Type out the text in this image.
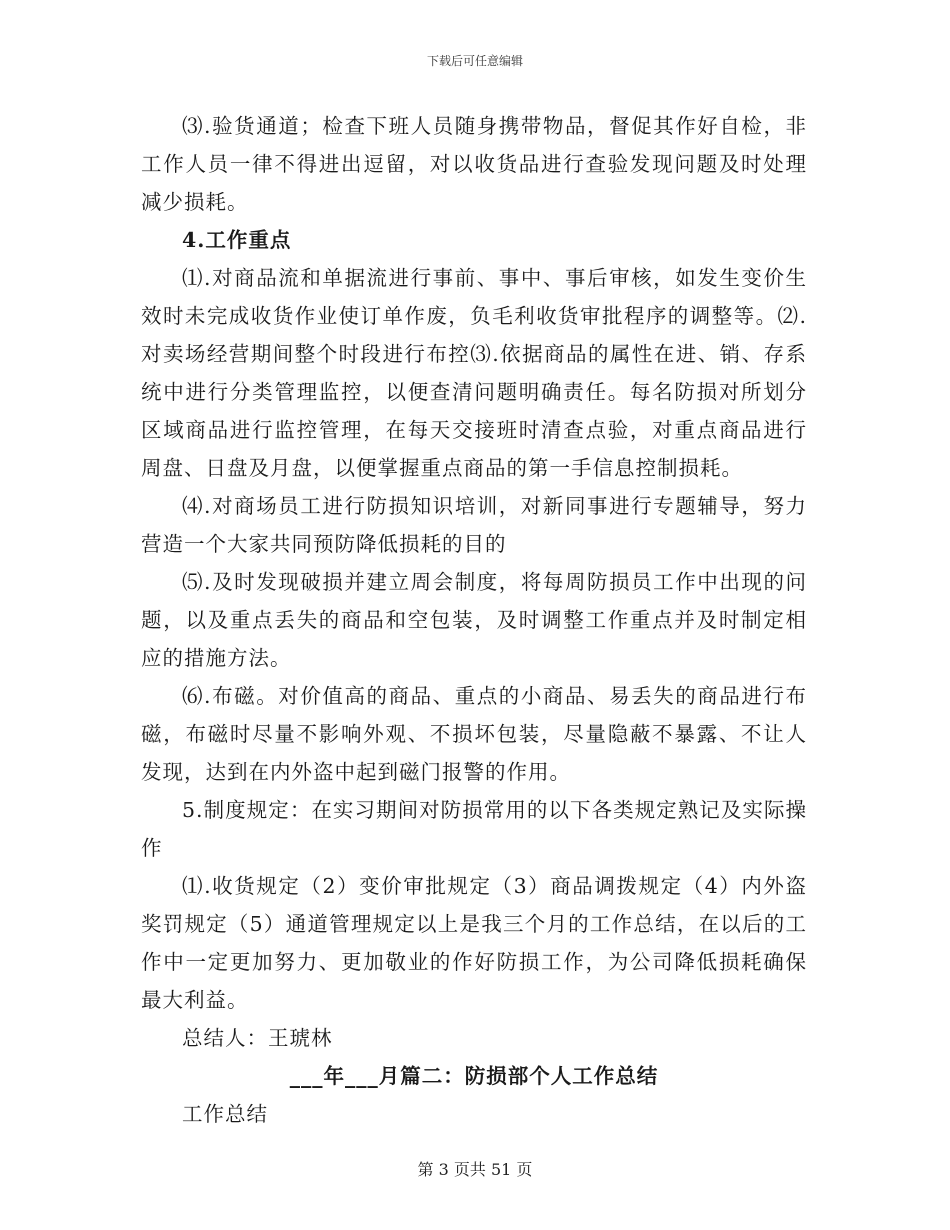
下载后可任意编辑

⑶.验货通道；检查下班人员随身携带物品，督促其作好自检，非工作人员一律不得进出逗留，对以收货品进行查验发现问题及时处理减少损耗。

4.工作重点

⑴.对商品流和单据流进行事前、事中、事后审核，如发生变价生效时未完成收货作业使订单作废，负毛利收货审批程序的调整等。⑵.对卖场经营期间整个时段进行布控⑶.依据商品的属性在进、销、存系统中进行分类管理监控，以便查清问题明确责任。每名防损对所划分区域商品进行监控管理，在每天交接班时清查点验，对重点商品进行周盘、日盘及月盘，以便掌握重点商品的第一手信息控制损耗。

⑷.对商场员工进行防损知识培训，对新同事进行专题辅导，努力营造一个大家共同预防降低损耗的目的

⑸.及时发现破损并建立周会制度，将每周防损员工作中出现的问题，以及重点丢失的商品和空包装，及时调整工作重点并及时制定相应的措施方法。

⑹.布磁。对价值高的商品、重点的小商品、易丢失的商品进行布磁，布磁时尽量不影响外观、不损坏包装，尽量隐蔽不暴露、不让人发现，达到在内外盗中起到磁门报警的作用。

5.制度规定：在实习期间对防损常用的以下各类规定熟记及实际操作

⑴.收货规定（2）变价审批规定（3）商品调拨规定（4）内外盗奖罚规定（5）通道管理规定以上是我三个月的工作总结，在以后的工作中一定更加努力、更加敬业的作好防损工作，为公司降低损耗确保最大利益。

总结人：王琥林

___年___月篇二：防损部个人工作总结

工作总结

第 3 页共 51 页
